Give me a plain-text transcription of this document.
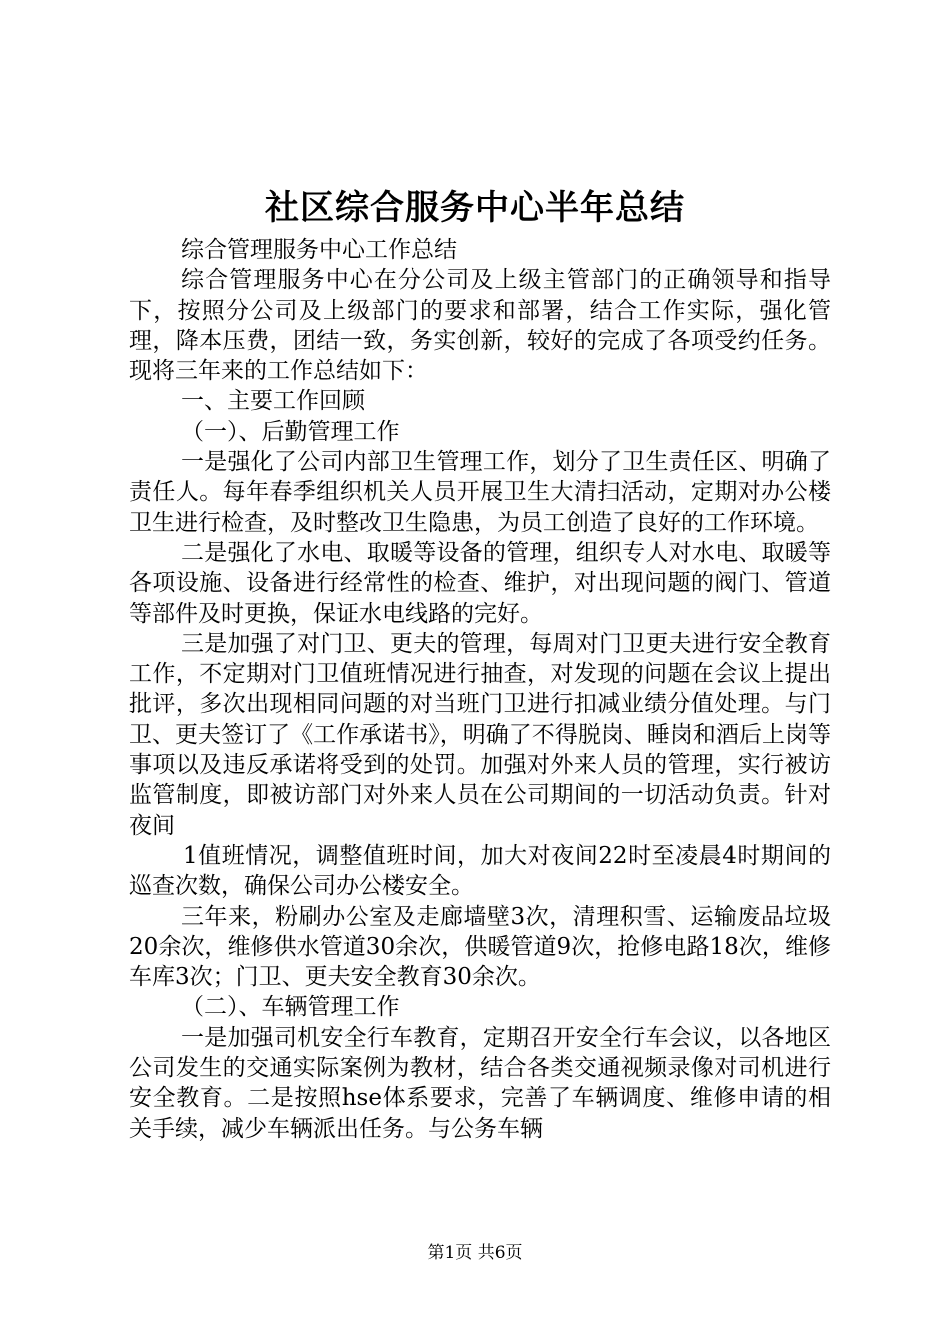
社区综合服务中心半年总结

综合管理服务中心工作总结

综合管理服务中心在分公司及上级主管部门的正确领导和指导下，按照分公司及上级部门的要求和部署，结合工作实际，强化管理，降本压费，团结一致，务实创新，较好的完成了各项受约任务。现将三年来的工作总结如下：

一、主要工作回顾

（一）、后勤管理工作

一是强化了公司内部卫生管理工作，划分了卫生责任区、明确了责任人。每年春季组织机关人员开展卫生大清扫活动，定期对办公楼卫生进行检查，及时整改卫生隐患，为员工创造了良好的工作环境。

二是强化了水电、取暖等设备的管理，组织专人对水电、取暖等各项设施、设备进行经常性的检查、维护，对出现问题的阀门、管道等部件及时更换，保证水电线路的完好。

三是加强了对门卫、更夫的管理，每周对门卫更夫进行安全教育工作，不定期对门卫值班情况进行抽查，对发现的问题在会议上提出批评，多次出现相同问题的对当班门卫进行扣减业绩分值处理。与门卫、更夫签订了《工作承诺书》，明确了不得脱岗、睡岗和酒后上岗等事项以及违反承诺将受到的处罚。加强对外来人员的管理，实行被访监管制度，即被访部门对外来人员在公司期间的一切活动负责。针对夜间

1值班情况，调整值班时间，加大对夜间22时至凌晨4时期间的巡查次数，确保公司办公楼安全。

三年来，粉刷办公室及走廊墙壁3次，清理积雪、运输废品垃圾20余次，维修供水管道30余次，供暖管道9次，抢修电路18次，维修车库3次；门卫、更夫安全教育30余次。

（二）、车辆管理工作

一是加强司机安全行车教育，定期召开安全行车会议，以各地区公司发生的交通实际案例为教材，结合各类交通视频录像对司机进行安全教育。二是按照hse体系要求，完善了车辆调度、维修申请的相关手续，减少车辆派出任务。与公务车辆

第1页 共6页
